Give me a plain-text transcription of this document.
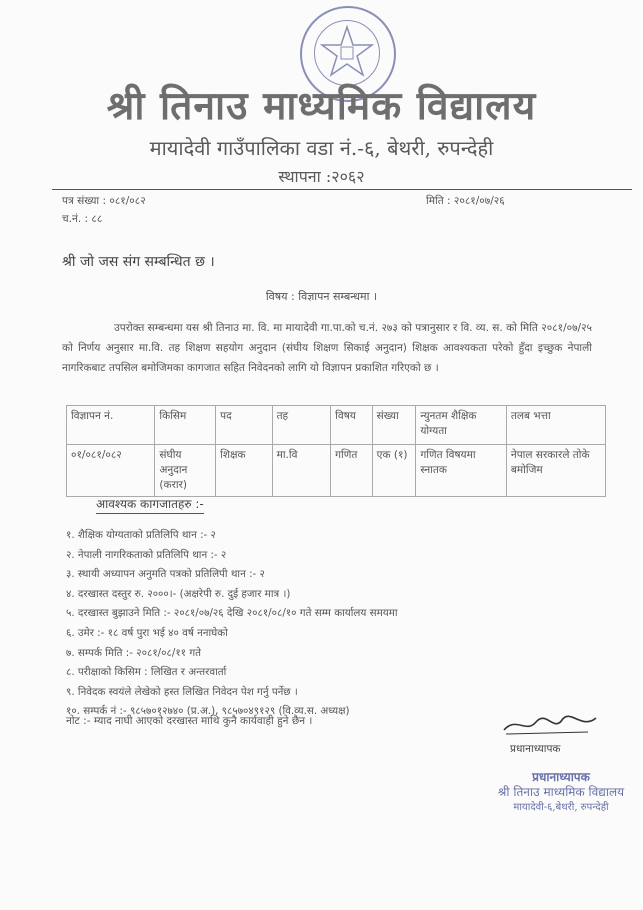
श्री तिनाउ माध्यमिक विद्यालय
मायादेवी गाउँपालिका वडा नं.-६, बेथरी, रुपन्देही
स्थापना :२०६२
पत्र संख्या : ०८१/०८२
च.नं. : ८८
मिति : २०८१/०७/२६
श्री जो जस संग सम्बन्धित छ ।
विषय : विज्ञापन सम्बन्धमा ।
उपरोक्त सम्बन्धमा यस श्री तिनाउ मा. वि. मा मायादेवी गा.पा.को च.नं. २७३ को पत्रानुसार र वि. व्य. स. को मिति २०८१/०७/२५ को निर्णय अनुसार मा.वि. तह शिक्षण सहयोग अनुदान (संघीय शिक्षण सिकाई अनुदान) शिक्षक आवश्यकता परेको हुँदा इच्छुक नेपाली नागरिकबाट तपसिल बमोजिमका कागजात सहित निवेदनको लागि यो विज्ञापन प्रकाशित गरिएको छ ।
विज्ञापन नं.	किसिम	पद	तह	विषय	संख्या	न्युनतम शैक्षिक योग्यता	तलब भत्ता
०१/०८१/०८२	संघीय अनुदान (करार)	शिक्षक	मा.वि	गणित	एक (१)	गणित विषयमा स्नातक	नेपाल सरकारले तोके बमोजिम
आवश्यक कागजातहरु :-
१. शैक्षिक योग्यताको प्रतिलिपि थान :- २
२. नेपाली नागरिकताको प्रतिलिपि थान :- २
३. स्थायी अध्यापन अनुमति पत्रको प्रतिलिपी थान :- २
४. दरखास्त दस्तुर रु. २०००।- (अक्षरेपी रु. दुई हजार मात्र ।)
५. दरखास्त बुझाउने मिति :- २०८१/०७/२६ देखि २०८१/०८/१० गते सम्म कार्यालय समयमा
६. उमेर :- १८ वर्ष पुरा भई ४० वर्ष ननाघेको
७. सम्पर्क मिति :- २०८१/०८/११ गते
८. परीक्षाको किसिम : लिखित र अन्तरवार्ता
९. निवेदक स्वयंले लेखेको हस्त लिखित निवेदन पेश गर्नु पर्नेछ ।
१०. सम्पर्क नं :- ९८५७०१२७४० (प्र.अ.), ९८५७०४९१२९ (वि.व्य.स. अध्यक्ष)
नोट :- म्याद नाघी आएको दरखास्त माथि कुनै कार्यवाही हुने छैन ।
प्रधानाध्यापक
प्रधानाध्यापक
श्री तिनाउ माध्यमिक विद्यालय
मायादेवी-६,बेथरी, रुपन्देही
